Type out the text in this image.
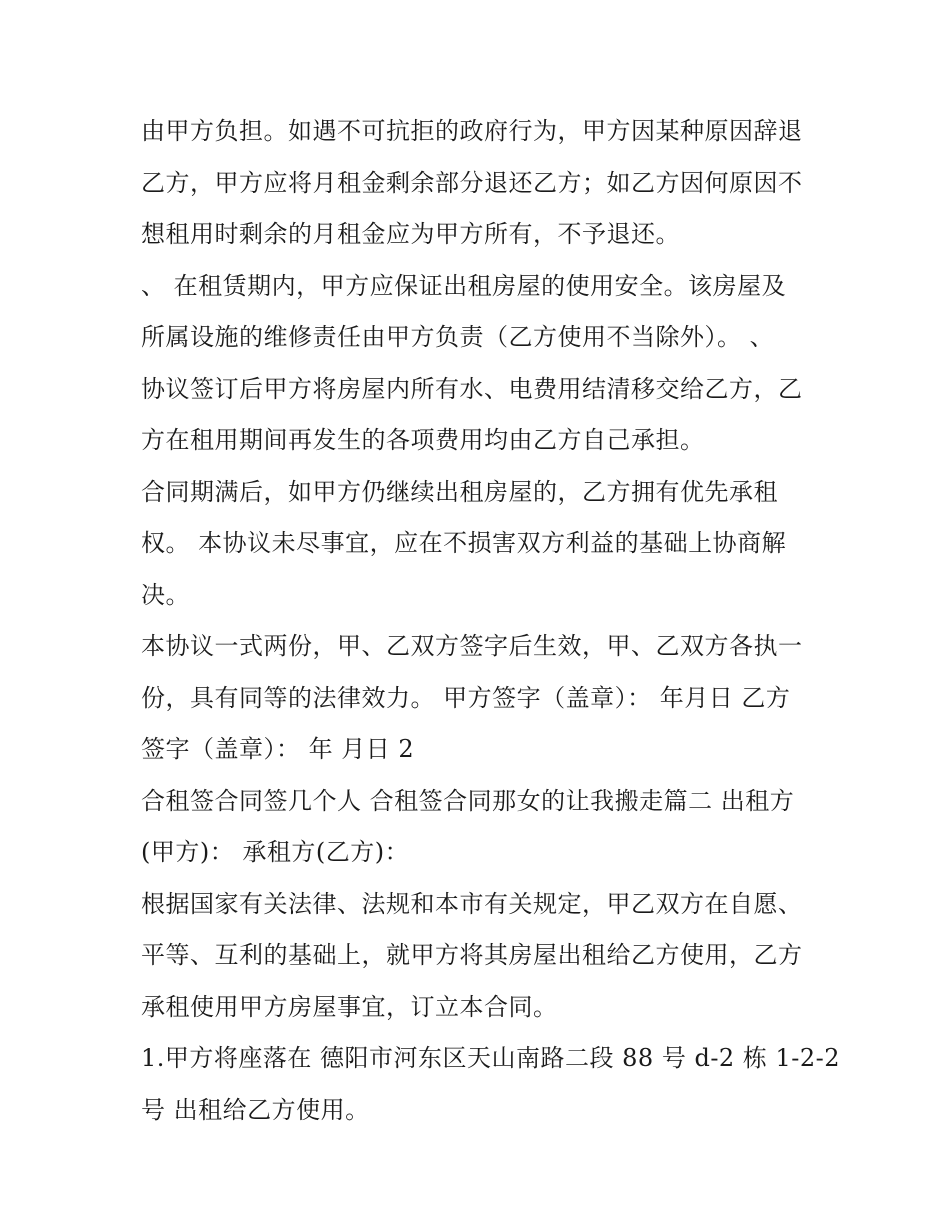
由甲方负担。如遇不可抗拒的政府行为，甲方因某种原因辞退
乙方，甲方应将月租金剩余部分退还乙方；如乙方因何原因不
想租用时剩余的月租金应为甲方所有，不予退还。
、 在租赁期内，甲方应保证出租房屋的使用安全。该房屋及
所属设施的维修责任由甲方负责（乙方使用不当除外）。 、
协议签订后甲方将房屋内所有水、电费用结清移交给乙方，乙
方在租用期间再发生的各项费用均由乙方自己承担。
合同期满后，如甲方仍继续出租房屋的，乙方拥有优先承租
权。 本协议未尽事宜，应在不损害双方利益的基础上协商解
决。
本协议一式两份，甲、乙双方签字后生效，甲、乙双方各执一
份，具有同等的法律效力。 甲方签字（盖章）： 年月日 乙方
签字（盖章）： 年 月日 2
合租签合同签几个人 合租签合同那女的让我搬走篇二 出租方
(甲方)： 承租方(乙方)：
根据国家有关法律、法规和本市有关规定，甲乙双方在自愿、
平等、互利的基础上，就甲方将其房屋出租给乙方使用，乙方
承租使用甲方房屋事宜，订立本合同。
1.甲方将座落在 德阳市河东区天山南路二段 88 号 d-2 栋 1-2-2
号 出租给乙方使用。
